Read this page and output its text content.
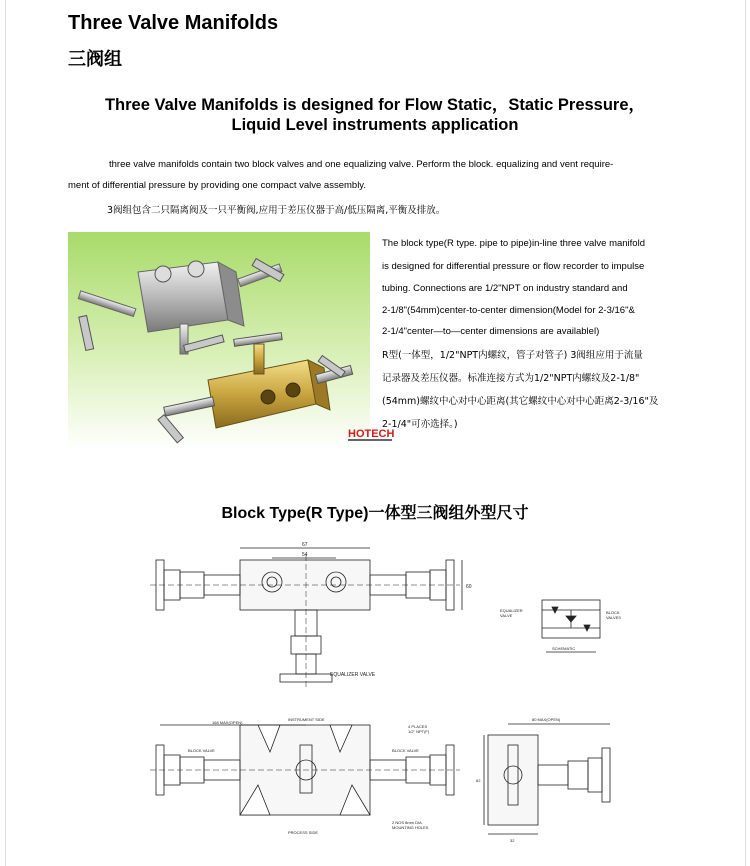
Three Valve Manifolds
三阀组
Three Valve Manifolds is designed for Flow Static，Static Pressure，
Liquid Level instruments application
three valve manifolds contain two block valves and one equalizing valve. Perform the block. equalizing and vent require-
ment of differential pressure by providing one compact valve assembly.
3阀组包含二只隔离阀及一只平衡阀,应用于差压仪器于高/低压隔离,平衡及排放。
HOTECH
The block type(R type. pipe to pipe)in-line three valve manifold
is designed for differential pressure or flow recorder to impulse
tubing. Connections are 1/2"NPT on industry standard and
2-1/8"(54mm)center-to-center dimension(Model for 2-3/16"&
2-1/4"center—to—center dimensions are availablel)
R型(一体型，1/2"NPT内螺纹，管子对管子) 3阀组应用于流量
记录器及差压仪器。标准连接方式为1/2"NPT内螺纹及2-1/8"
(54mm)螺纹中心对中心距离(其它螺纹中心对中心距离2-3/16"及
2-1/4"可亦选择。)
Block Type(R Type)一体型三阀组外型尺寸
67
54
60
EQUALIZER VALVE
EQUALIZER VALVE
BLOCK VALVES
SCHEMATIC
168 MAX(OPEN)
INSTRUMENT SIDE
4 PLACES 1/2" NPT(F)
BLOCK VALVE	BLOCK VALVE
2 NOS 8mm DIA MOUNTING HOLES
PROCESS SIDE
80 MAX(OPEN)
62
32
